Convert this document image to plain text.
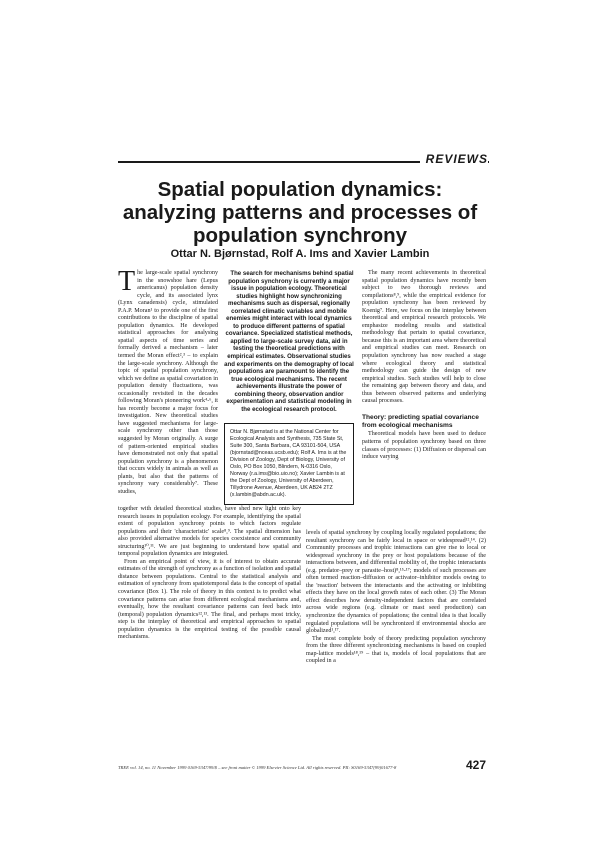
REVIEWS
Spatial population dynamics: analyzing patterns and processes of population synchrony
Ottar N. Bjørnstad, Rolf A. Ims and Xavier Lambin

The large-scale spatial synchrony in the snowshoe hare (Lepus americanus) population density cycle, and its associated lynx (Lynx canadensis) cycle, stimulated P.A.P. Moran¹ to provide one of the first contributions to the discipline of spatial population dynamics. He developed statistical approaches for analysing spatial aspects of time series and formally derived a mechanism – later termed the Moran effect²,³ – to explain the large-scale synchrony. Although the topic of spatial population synchrony, which we define as spatial covariation in population density fluctuations, was occasionally revisited in the decades following Moran's pioneering work⁴-⁶, it has recently become a major focus for investigation. New theoretical studies have suggested mechanisms for large-scale synchrony other than those suggested by Moran originally. A surge of pattern-oriented empirical studies have demonstrated not only that spatial population synchrony is a phenomenon that occurs widely in animals as well as plants, but also that the patterns of synchrony vary considerably⁷. These studies,

The search for mechanisms behind spatial population synchrony is currently a major issue in population ecology. Theoretical studies highlight how synchronizing mechanisms such as dispersal, regionally correlated climatic variables and mobile enemies might interact with local dynamics to produce different patterns of spatial covariance. Specialized statistical methods, applied to large-scale survey data, aid in testing the theoretical predictions with empirical estimates. Observational studies and experiments on the demography of local populations are paramount to identify the true ecological mechanisms. The recent achievements illustrate the power of combining theory, observation and/or experimentation and statistical modeling in the ecological research protocol.

Ottar N. Bjørnstad is at the National Center for Ecological Analysis and Synthesis, 735 State St, Suite 300, Santa Barbara, CA 93101-504, USA (bjornstad@nceas.ucsb.edu); Rolf A. Ims is at the Division of Zoology, Dept of Biology, University of Oslo, PO Box 1050, Blindern, N-0316 Oslo, Norway (r.a.ims@bio.uio.no); Xavier Lambin is at the Dept of Zoology, University of Aberdeen, Tillydrone Avenue, Aberdeen, UK AB24 2TZ (x.lambin@abdn.ac.uk).

The many recent achievements in theoretical spatial population dynamics have recently been subject to two thorough reviews and compilations⁸,⁹, while the empirical evidence for population synchrony has been reviewed by Koenig⁷. Here, we focus on the interplay between theoretical and empirical research protocols. We emphasize modeling results and statistical methodology that pertain to spatial covariance, because this is an important area where theoretical and empirical studies can meet. Research on population synchrony has now reached a stage where ecological theory and statistical methodology can guide the design of new empirical studies. Such studies will help to close the remaining gap between theory and data, and thus between observed patterns and underlying causal processes.

Theory: predicting spatial covariance from ecological mechanisms

Theoretical models have been used to deduce patterns of population synchrony based on three classes of processes: (1) Diffusion or dispersal can induce varying

together with detailed theoretical studies, have shed new light onto key research issues in population ecology. For example, identifying the spatial extent of population synchrony points to which factors regulate populations and their 'characteristic' scale⁸,⁹. The spatial dimension has also provided alternative models for species coexistence and community structuring¹⁰,¹¹. We are just beginning to understand how spatial and temporal population dynamics are integrated.

From an empirical point of view, it is of interest to obtain accurate estimates of the strength of synchrony as a function of isolation and spatial distance between populations. Central to the statistical analysis and estimation of synchrony from spatiotemporal data is the concept of spatial covariance (Box 1). The role of theory in this context is to predict what covariance patterns can arise from different ecological mechanisms and, eventually, how the resultant covariance patterns can feed back into (temporal) population dynamics¹²,¹³. The final, and perhaps most tricky, step is the interplay of theoretical and empirical approaches to spatial population dynamics is the empirical testing of the possible causal mechanisms.

levels of spatial synchrony by coupling locally regulated populations; the resultant synchrony can be fairly local in space or widespread¹²,¹⁴. (2) Community processes and trophic interactions can give rise to local or widespread synchrony in the prey or host populations because of the interactions between, and differential mobility of, the trophic interactants (e.g. predator–prey or parasite–host)⁸,¹⁵-¹⁷; models of such processes are often termed reaction–diffusion or activator–inhibitor models owing to the 'reaction' between the interactants and the activating or inhibiting effects they have on the local growth rates of each other. (3) The Moran effect describes how density-independent factors that are correlated across wide regions (e.g. climate or mast seed production) can synchronize the dynamics of populations; the central idea is that locally regulated populations will be synchronized if environmental shocks are globalized¹,¹⁷.

The most complete body of theory predicting population synchrony from the three different synchronizing mechanisms is based on coupled map-lattice models¹⁸,¹⁹ – that is, models of local populations that are coupled in a

TREE vol. 14, no. 11 November 1999 0169-5347/99/$ – see front matter © 1999 Elsevier Science Ltd. All rights reserved. PII: S0169-5347(99)01677-8	427
